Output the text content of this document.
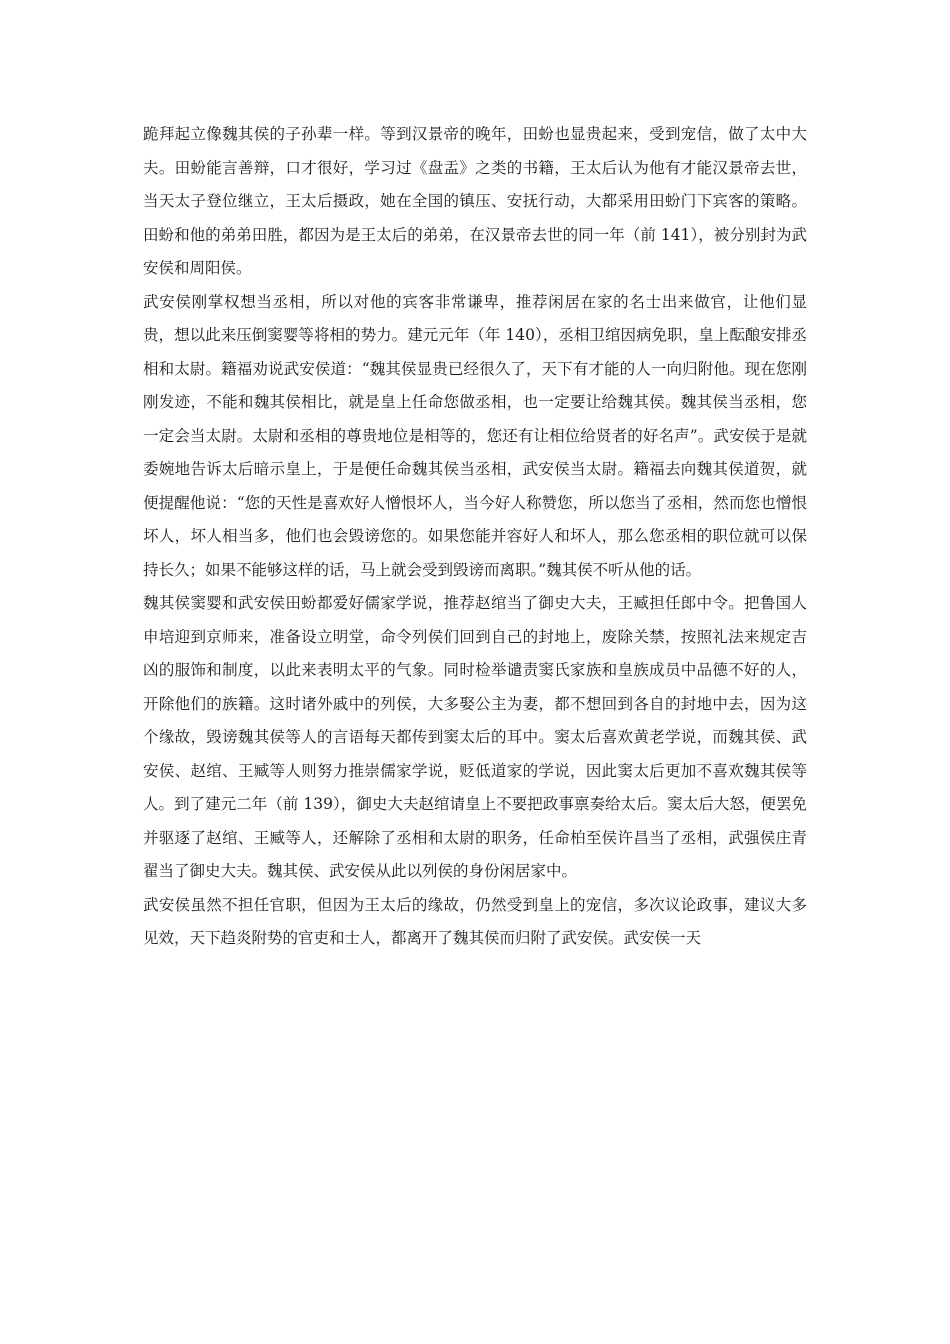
跪拜起立像魏其侯的子孙辈一样。等到汉景帝的晚年，田蚡也显贵起来，受到宠信，做了太中大夫。田蚡能言善辩，口才很好，学习过《盘盂》之类的书籍，王太后认为他有才能汉景帝去世，当天太子登位继立，王太后摄政，她在全国的镇压、安抚行动，大都采用田蚡门下宾客的策略。田蚡和他的弟弟田胜，都因为是王太后的弟弟，在汉景帝去世的同一年（前 141），被分别封为武安侯和周阳侯。

武安侯刚掌权想当丞相，所以对他的宾客非常谦卑，推荐闲居在家的名士出来做官，让他们显贵，想以此来压倒窦婴等将相的势力。建元元年（年 140），丞相卫绾因病免职，皇上酝酿安排丞相和太尉。籍福劝说武安侯道：“魏其侯显贵已经很久了，天下有才能的人一向归附他。现在您刚刚发迹，不能和魏其侯相比，就是皇上任命您做丞相，也一定要让给魏其侯。魏其侯当丞相，您一定会当太尉。太尉和丞相的尊贵地位是相等的，您还有让相位给贤者的好名声”。武安侯于是就委婉地告诉太后暗示皇上，于是便任命魏其侯当丞相，武安侯当太尉。籍福去向魏其侯道贺，就便提醒他说：“您的天性是喜欢好人憎恨坏人，当今好人称赞您，所以您当了丞相，然而您也憎恨坏人，坏人相当多，他们也会毁谤您的。如果您能并容好人和坏人，那么您丞相的职位就可以保持长久；如果不能够这样的话，马上就会受到毁谤而离职。”魏其侯不听从他的话。

魏其侯窦婴和武安侯田蚡都爱好儒家学说，推荐赵绾当了御史大夫，王臧担任郎中令。把鲁国人申培迎到京师来，准备设立明堂，命令列侯们回到自己的封地上，废除关禁，按照礼法来规定吉凶的服饰和制度，以此来表明太平的气象。同时检举谴责窦氏家族和皇族成员中品德不好的人，开除他们的族籍。这时诸外戚中的列侯，大多娶公主为妻，都不想回到各自的封地中去，因为这个缘故，毁谤魏其侯等人的言语每天都传到窦太后的耳中。窦太后喜欢黄老学说，而魏其侯、武安侯、赵绾、王臧等人则努力推崇儒家学说，贬低道家的学说，因此窦太后更加不喜欢魏其侯等人。到了建元二年（前 139），御史大夫赵绾请皇上不要把政事禀奏给太后。窦太后大怒，便罢免并驱逐了赵绾、王臧等人，还解除了丞相和太尉的职务，任命柏至侯许昌当了丞相，武强侯庄青翟当了御史大夫。魏其侯、武安侯从此以列侯的身份闲居家中。

武安侯虽然不担任官职，但因为王太后的缘故，仍然受到皇上的宠信，多次议论政事，建议大多见效，天下趋炎附势的官吏和士人，都离开了魏其侯而归附了武安侯。武安侯一天
